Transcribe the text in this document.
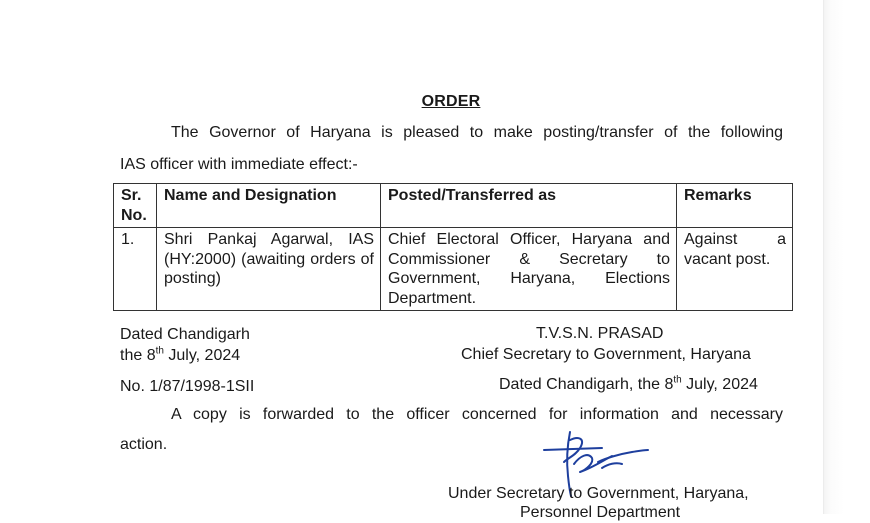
ORDER
The Governor of Haryana is pleased to make posting/transfer of the following
IAS officer with immediate effect:-
Sr. No.	Name and Designation	Posted/Transferred as	Remarks
1.	Shri Pankaj Agarwal, IAS (HY:2000) (awaiting orders of posting)	Chief Electoral Officer, Haryana and Commissioner & Secretary to Government, Haryana, Elections Department.	Against a vacant post.
Dated Chandigarh
the 8th July, 2024
T.V.S.N. PRASAD
Chief Secretary to Government, Haryana
No. 1/87/1998-1SII	Dated Chandigarh, the 8th July, 2024
A copy is forwarded to the officer concerned for information and necessary
action.
Under Secretary to Government, Haryana,
Personnel Department
